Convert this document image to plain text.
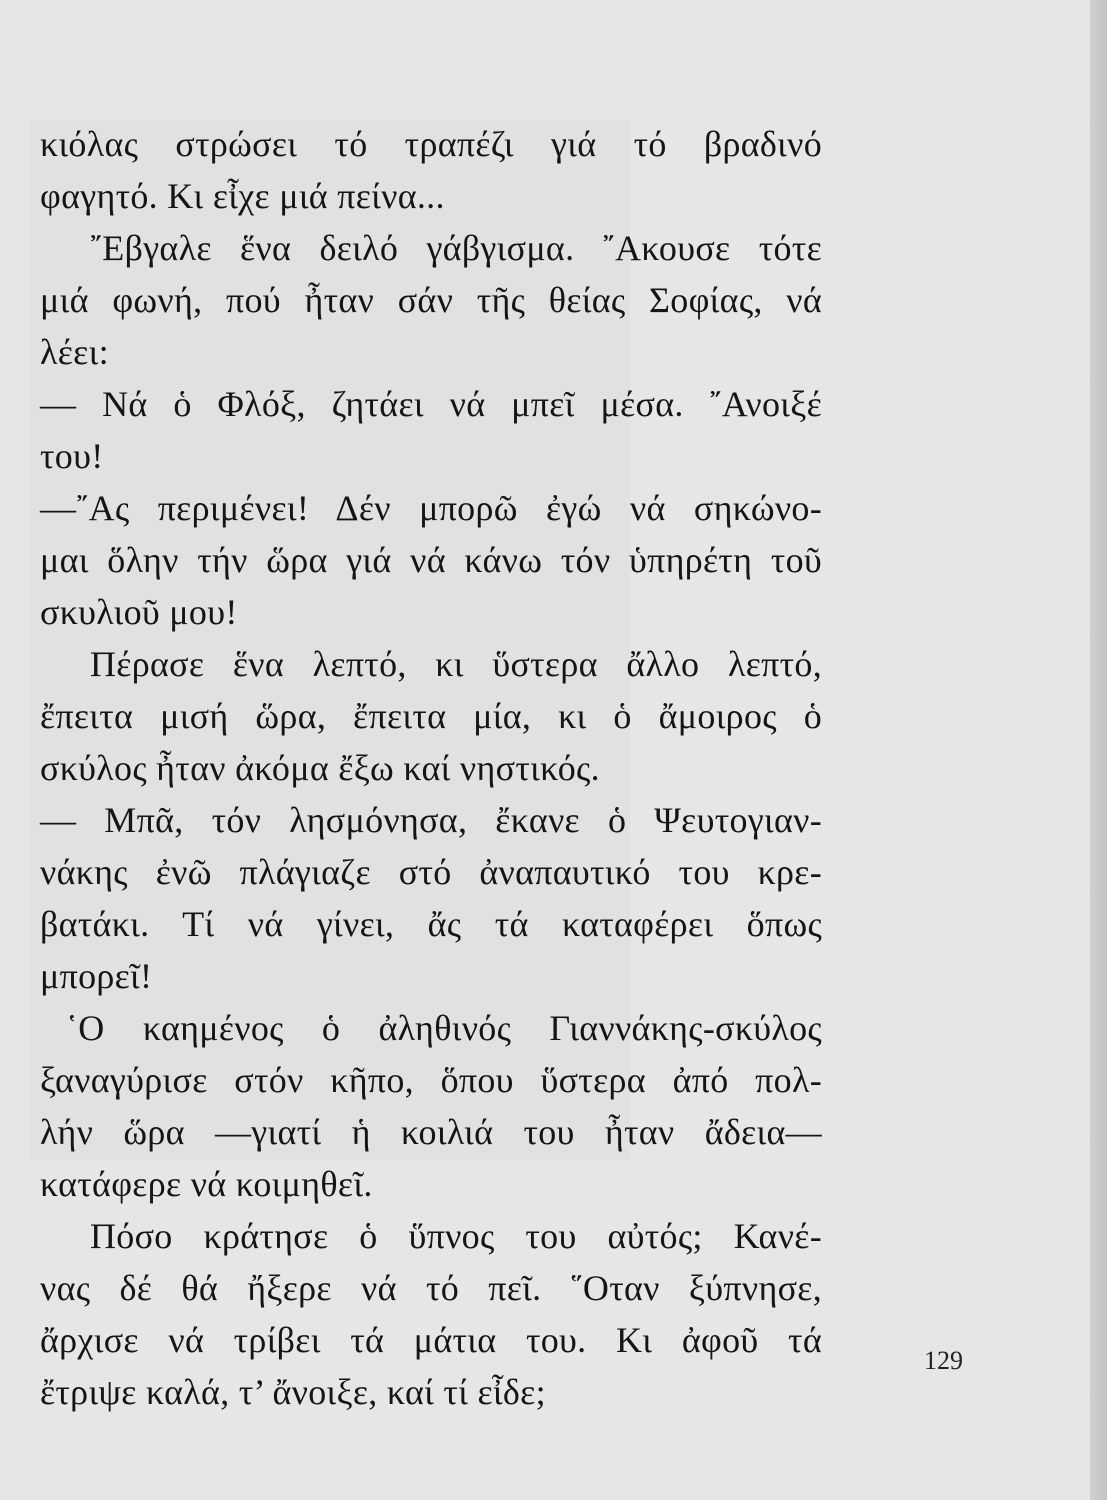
κιόλας στρώσει τό τραπέζι γιά τό βραδινό
φαγητό. Κι εἶχε μιά πείνα...
῎Εβγαλε ἕνα δειλό γάβγισμα. ῎Ακουσε τότε
μιά φωνή, πού ἦταν σάν τῆς θείας Σοφίας, νά
λέει:
— Νά ὁ Φλόξ, ζητάει νά μπεῖ μέσα. ῎Ανοιξέ
του!
—῎Ας περιμένει! Δέν μπορῶ ἐγώ νά σηκώνο-
μαι ὅλην τήν ὥρα γιά νά κάνω τόν ὑπηρέτη τοῦ
σκυλιοῦ μου!
Πέρασε ἕνα λεπτό, κι ὕστερα ἄλλο λεπτό,
ἔπειτα μισή ὥρα, ἔπειτα μία, κι ὁ ἄμοιρος ὁ
σκύλος ἦταν ἀκόμα ἔξω καί νηστικός.
— Μπᾶ, τόν λησμόνησα, ἔκανε ὁ Ψευτογιαν-
νάκης ἐνῶ πλάγιαζε στό ἀναπαυτικό του κρε-
βατάκι. Τί νά γίνει, ἄς τά καταφέρει ὅπως
μπορεῖ!
῾Ο καημένος ὁ ἀληθινός Γιαννάκης-σκύλος
ξαναγύρισε στόν κῆπο, ὅπου ὕστερα ἀπό πολ-
λήν ὥρα —γιατί ἡ κοιλιά του ἦταν ἄδεια—
κατάφερε νά κοιμηθεῖ.
Πόσο κράτησε ὁ ὕπνος του αὐτός; Κανέ-
νας δέ θά ἤξερε νά τό πεῖ. ῞Οταν ξύπνησε,
ἄρχισε νά τρίβει τά μάτια του. Κι ἀφοῦ τά
ἔτριψε καλά, τ’ ἄνοιξε, καί τί εἶδε;
129
